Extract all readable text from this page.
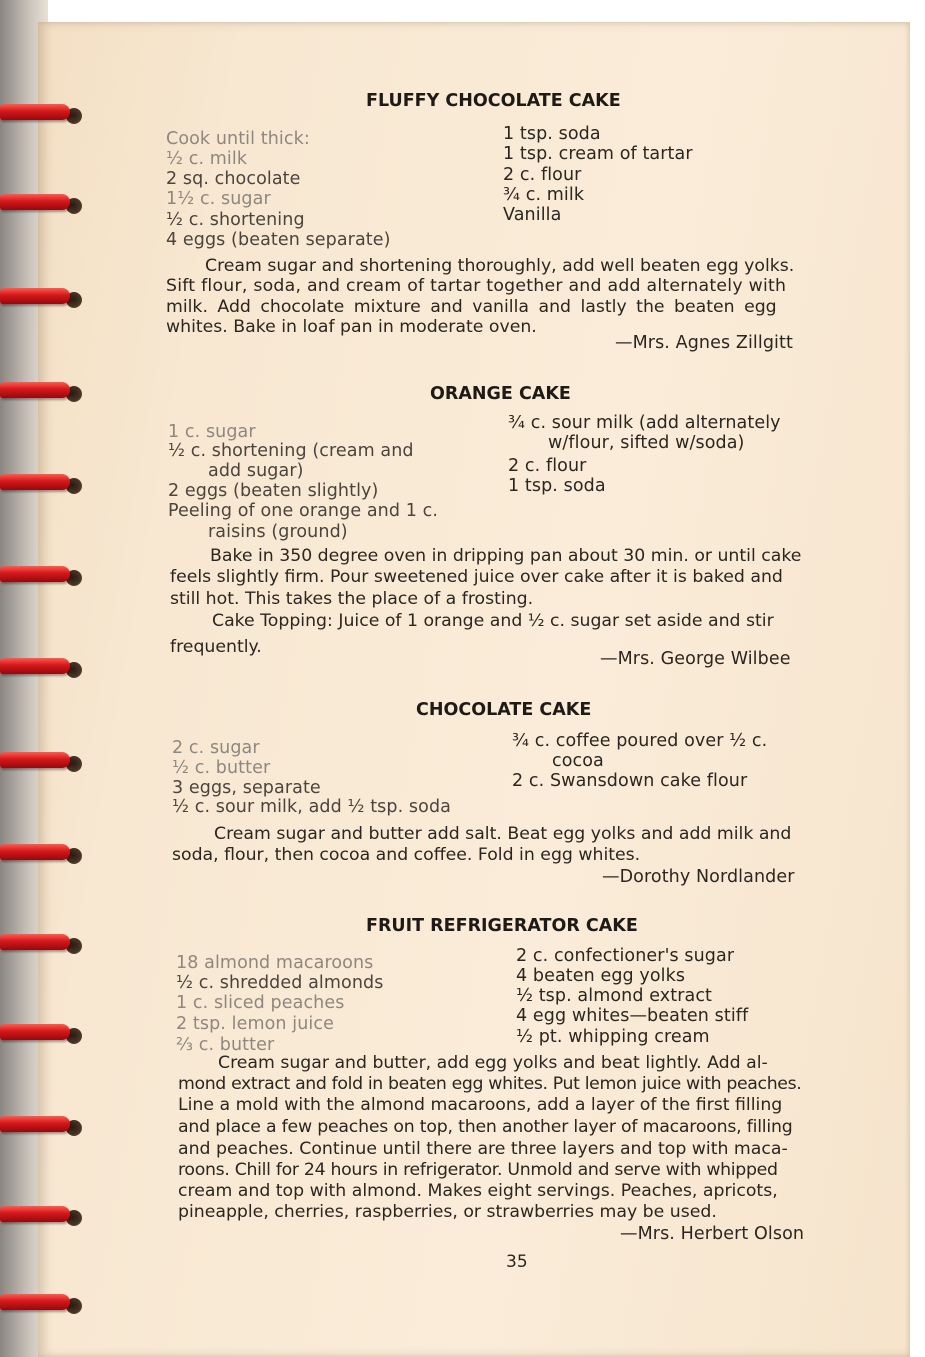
FLUFFY CHOCOLATE CAKE
Cook until thick:
½ c. milk
2 sq. chocolate
1½ c. sugar
½ c. shortening
4 eggs (beaten separate)
1 tsp. soda
1 tsp. cream of tartar
2 c. flour
¾ c. milk
Vanilla
Cream sugar and shortening thoroughly, add well beaten egg yolks.
Sift flour, soda, and cream of tartar together and add alternately with
milk. Add chocolate mixture and vanilla and lastly the beaten egg
whites. Bake in loaf pan in moderate oven.
—Mrs. Agnes Zillgitt
ORANGE CAKE
1 c. sugar
½ c. shortening (cream and
add sugar)
2 eggs (beaten slightly)
Peeling of one orange and 1 c.
raisins (ground)
¾ c. sour milk (add alternately
w/flour, sifted w/soda)
2 c. flour
1 tsp. soda
Bake in 350 degree oven in dripping pan about 30 min. or until cake
feels slightly firm. Pour sweetened juice over cake after it is baked and
still hot. This takes the place of a frosting.
Cake Topping: Juice of 1 orange and ½ c. sugar set aside and stir
frequently.
—Mrs. George Wilbee
CHOCOLATE CAKE
2 c. sugar
½ c. butter
3 eggs, separate
½ c. sour milk, add ½ tsp. soda
¾ c. coffee poured over ½ c.
cocoa
2 c. Swansdown cake flour
Cream sugar and butter add salt. Beat egg yolks and add milk and
soda, flour, then cocoa and coffee. Fold in egg whites.
—Dorothy Nordlander
FRUIT REFRIGERATOR CAKE
18 almond macaroons
½ c. shredded almonds
1 c. sliced peaches
2 tsp. lemon juice
⅔ c. butter
2 c. confectioner's sugar
4 beaten egg yolks
½ tsp. almond extract
4 egg whites—beaten stiff
½ pt. whipping cream
Cream sugar and butter, add egg yolks and beat lightly. Add al-
mond extract and fold in beaten egg whites. Put lemon juice with peaches.
Line a mold with the almond macaroons, add a layer of the first filling
and place a few peaches on top, then another layer of macaroons, filling
and peaches. Continue until there are three layers and top with maca-
roons. Chill for 24 hours in refrigerator. Unmold and serve with whipped
cream and top with almond. Makes eight servings. Peaches, apricots,
pineapple, cherries, raspberries, or strawberries may be used.
—Mrs. Herbert Olson
35
